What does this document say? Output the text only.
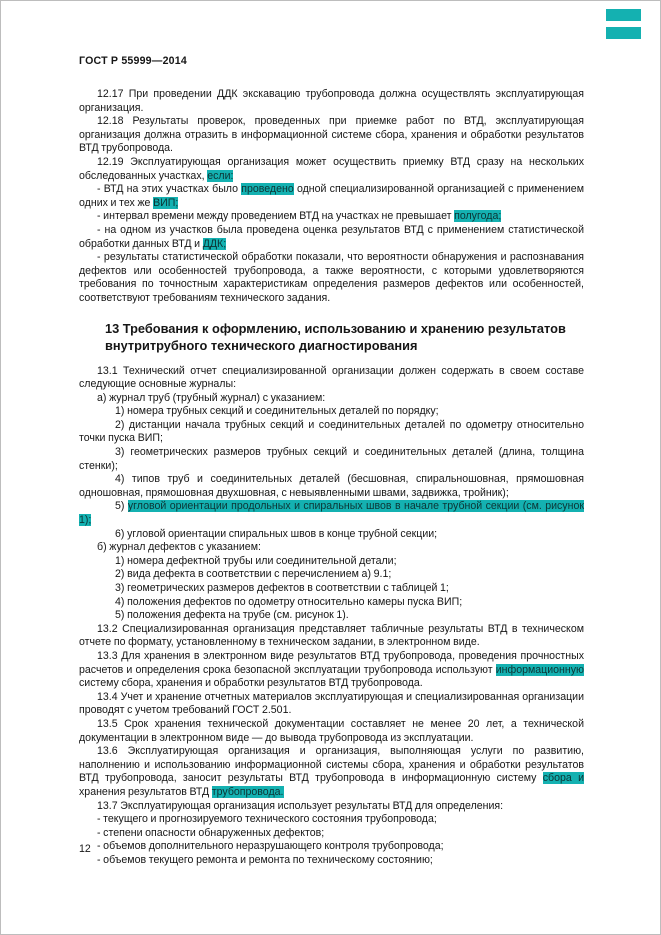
ГОСТ Р 55999—2014

12.17 При проведении ДДК экскавацию трубопровода должна осуществлять эксплуатирующая организация.

12.18 Результаты проверок, проведенных при приемке работ по ВТД, эксплуатирующая организация должна отразить в информационной системе сбора, хранения и обработки результатов ВТД трубопровода.

12.19 Эксплуатирующая организация может осуществить приемку ВТД сразу на нескольких обследованных участках, если:

- ВТД на этих участках было проведено одной специализированной организацией с применением одних и тех же ВИП;

- интервал времени между проведением ВТД на участках не превышает полугода;

- на одном из участков была проведена оценка результатов ВТД с применением статистической обработки данных ВТД и ДДК;

- результаты статистической обработки показали, что вероятности обнаружения и распознавания дефектов или особенностей трубопровода, а также вероятности, с которыми удовлетворяются требования по точностным характеристикам определения размеров дефектов или особенностей, соответствуют требованиям технического задания.

13 Требования к оформлению, использованию и хранению результатов внутритрубного технического диагностирования

13.1 Технический отчет специализированной организации должен содержать в своем составе следующие основные журналы:

а) журнал труб (трубный журнал) с указанием:

1) номера трубных секций и соединительных деталей по порядку;

2) дистанции начала трубных секций и соединительных деталей по одометру относительно точки пуска ВИП;

3) геометрических размеров трубных секций и соединительных деталей (длина, толщина стенки);

4) типов труб и соединительных деталей (бесшовная, спиральношовная, прямошовная одношовная, прямошовная двухшовная, с невыявленными швами, задвижка, тройник);

5) угловой ориентации продольных и спиральных швов в начале трубной секции (см. рисунок 1);

6) угловой ориентации спиральных швов в конце трубной секции;

б) журнал дефектов с указанием:

1) номера дефектной трубы или соединительной детали;

2) вида дефекта в соответствии с перечислением а) 9.1;

3) геометрических размеров дефектов в соответствии с таблицей 1;

4) положения дефектов по одометру относительно камеры пуска ВИП;

5) положения дефекта на трубе (см. рисунок 1).

13.2 Специализированная организация представляет табличные результаты ВТД в техническом отчете по формату, установленному в техническом задании, в электронном виде.

13.3 Для хранения в электронном виде результатов ВТД трубопровода, проведения прочностных расчетов и определения срока безопасной эксплуатации трубопровода используют информационную систему сбора, хранения и обработки результатов ВТД трубопровода.

13.4 Учет и хранение отчетных материалов эксплуатирующая и специализированная организации проводят с учетом требований ГОСТ 2.501.

13.5 Срок хранения технической документации составляет не менее 20 лет, а технической документации в электронном виде — до вывода трубопровода из эксплуатации.

13.6 Эксплуатирующая организация и организация, выполняющая услуги по развитию, наполнению и использованию информационной системы сбора, хранения и обработки результатов ВТД трубопровода, заносит результаты ВТД трубопровода в информационную систему сбора и хранения результатов ВТД трубопровода.

13.7 Эксплуатирующая организация использует результаты ВТД для определения:

- текущего и прогнозируемого технического состояния трубопровода;

- степени опасности обнаруженных дефектов;

- объемов дополнительного неразрушающего контроля трубопровода;

- объемов текущего ремонта и ремонта по техническому состоянию;

12
